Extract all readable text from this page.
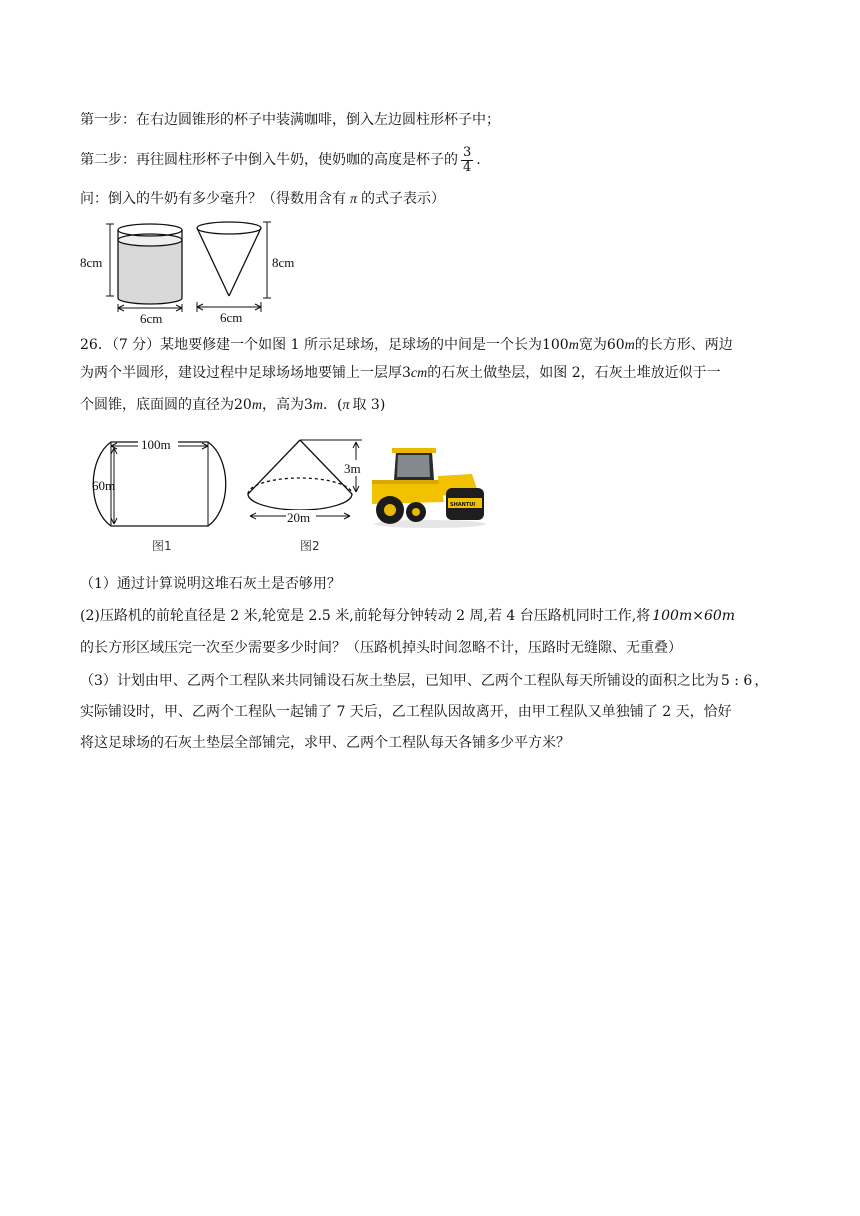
第一步：在右边圆锥形的杯子中装满咖啡，倒入左边圆柱形杯子中；
第二步：再往圆柱形杯子中倒入牛奶，使奶咖的高度是杯子的 $\frac{3}{4}$ .
问：倒入的牛奶有多少毫升？（得数用含有 π 的式子表示）
8cm
6cm
8cm
6cm
26．（7 分）某地要修建一个如图 1 所示足球场，足球场的中间是一个长为100m宽为60m的长方形、两边
为两个半圆形，建设过程中足球场场地要铺上一层厚3cm的石灰土做垫层，如图 2，石灰土堆放近似于一
个圆锥，底面圆的直径为20m，高为3m．(π 取 3)
100m
60m
图1
3m
20m
图2
SHANTUI
（1）通过计算说明这堆石灰土是否够用？
(2)压路机的前轮直径是 2 米,轮宽是 2.5 米,前轮每分钟转动 2 周,若 4 台压路机同时工作,将 100m×60m
的长方形区域压完一次至少需要多少时间？（压路机掉头时间忽略不计，压路时无缝隙、无重叠）
（3）计划由甲、乙两个工程队来共同铺设石灰土垫层，已知甲、乙两个工程队每天所铺设的面积之比为 5 : 6 ，
实际铺设时，甲、乙两个工程队一起铺了 7 天后，乙工程队因故离开，由甲工程队又单独铺了 2 天，恰好
将这足球场的石灰土垫层全部铺完，求甲、乙两个工程队每天各铺多少平方米？
